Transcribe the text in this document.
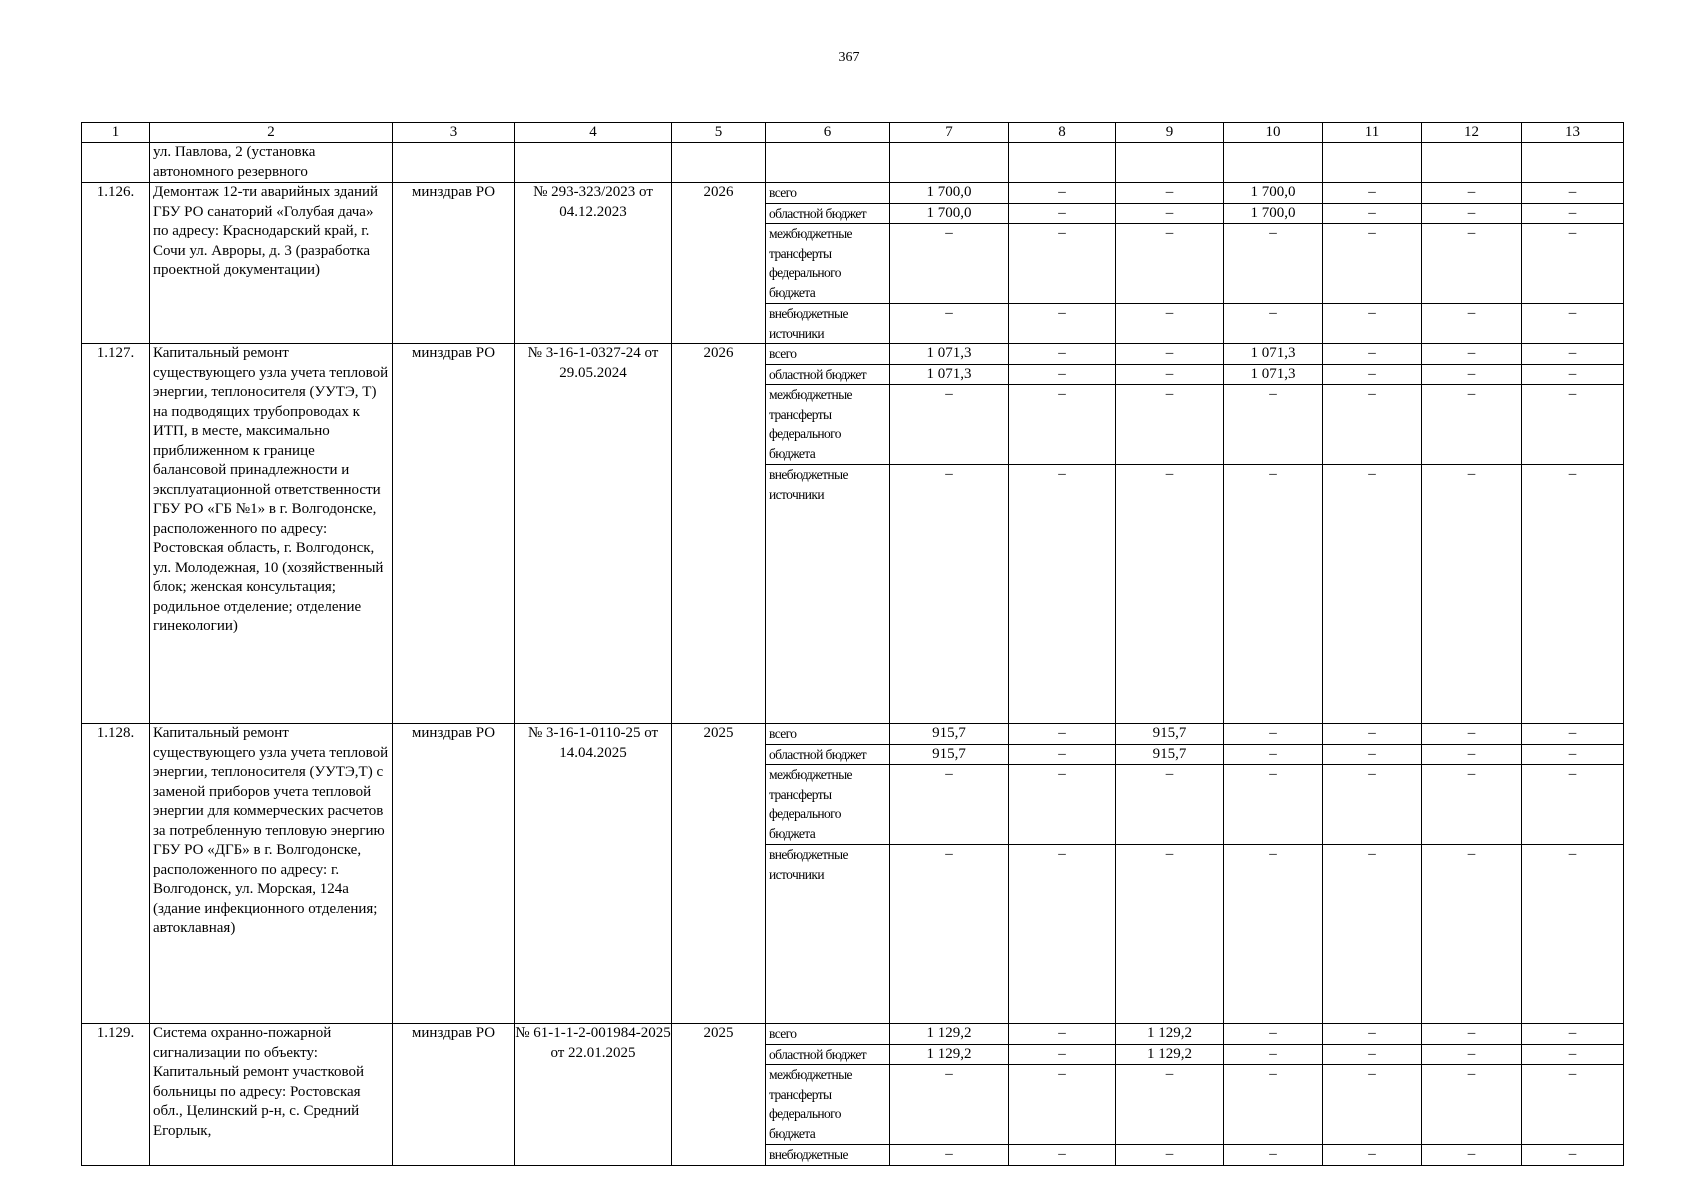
367
1	2	3	4	5	6	7	8	9	10	11	12	13
	ул. Павлова, 2 (установка автономного резервного											
1.126.	Демонтаж 12-ти аварийных зданий ГБУ РО санаторий «Голубая дача» по адресу: Краснодарский край, г. Сочи ул. Авроры, д. 3 (разработка проектной документации)	минздрав РО	№ 293-323/2023 от 04.12.2023	2026	всего	1 700,0	–	–	1 700,0	–	–	–
					областной бюджет	1 700,0	–	–	1 700,0	–	–	–
					межбюджетные трансферты федерального бюджета	–	–	–	–	–	–	–
					внебюджетные источники	–	–	–	–	–	–	–
1.127.	Капитальный ремонт существующего узла учета тепловой энергии, теплоносителя (УУТЭ, Т) на подводящих трубопроводах к ИТП, в месте, максимально приближенном к границе балансовой принадлежности и эксплуатационной ответственности ГБУ РО «ГБ №1» в г. Волгодонске, расположенного по адресу: Ростовская область, г. Волгодонск, ул. Молодежная, 10 (хозяйственный блок; женская консультация; родильное отделение; отделение гинекологии)	минздрав РО	№ 3-16-1-0327-24 от 29.05.2024	2026	всего	1 071,3	–	–	1 071,3	–	–	–
					областной бюджет	1 071,3	–	–	1 071,3	–	–	–
					межбюджетные трансферты федерального бюджета	–	–	–	–	–	–	–
					внебюджетные источники	–	–	–	–	–	–	–
1.128.	Капитальный ремонт существующего узла учета тепловой энергии, теплоносителя (УУТЭ,Т) с заменой приборов учета тепловой энергии для коммерческих расчетов за потребленную тепловую энергию ГБУ РО «ДГБ» в г. Волгодонске, расположенного по адресу: г. Волгодонск, ул. Морская, 124а (здание инфекционного отделения; автоклавная)	минздрав РО	№ 3-16-1-0110-25 от 14.04.2025	2025	всего	915,7	–	915,7	–	–	–	–
					областной бюджет	915,7	–	915,7	–	–	–	–
					межбюджетные трансферты федерального бюджета	–	–	–	–	–	–	–
					внебюджетные источники	–	–	–	–	–	–	–
1.129.	Система охранно-пожарной сигнализации по объекту: Капитальный ремонт участковой больницы по адресу: Ростовская обл., Целинский р-н, с. Средний Егорлык,	минздрав РО	№ 61-1-1-2-001984-2025 от 22.01.2025	2025	всего	1 129,2	–	1 129,2	–	–	–	–
					областной бюджет	1 129,2	–	1 129,2	–	–	–	–
					межбюджетные трансферты федерального бюджета	–	–	–	–	–	–	–
					внебюджетные	–	–	–	–	–	–	–
